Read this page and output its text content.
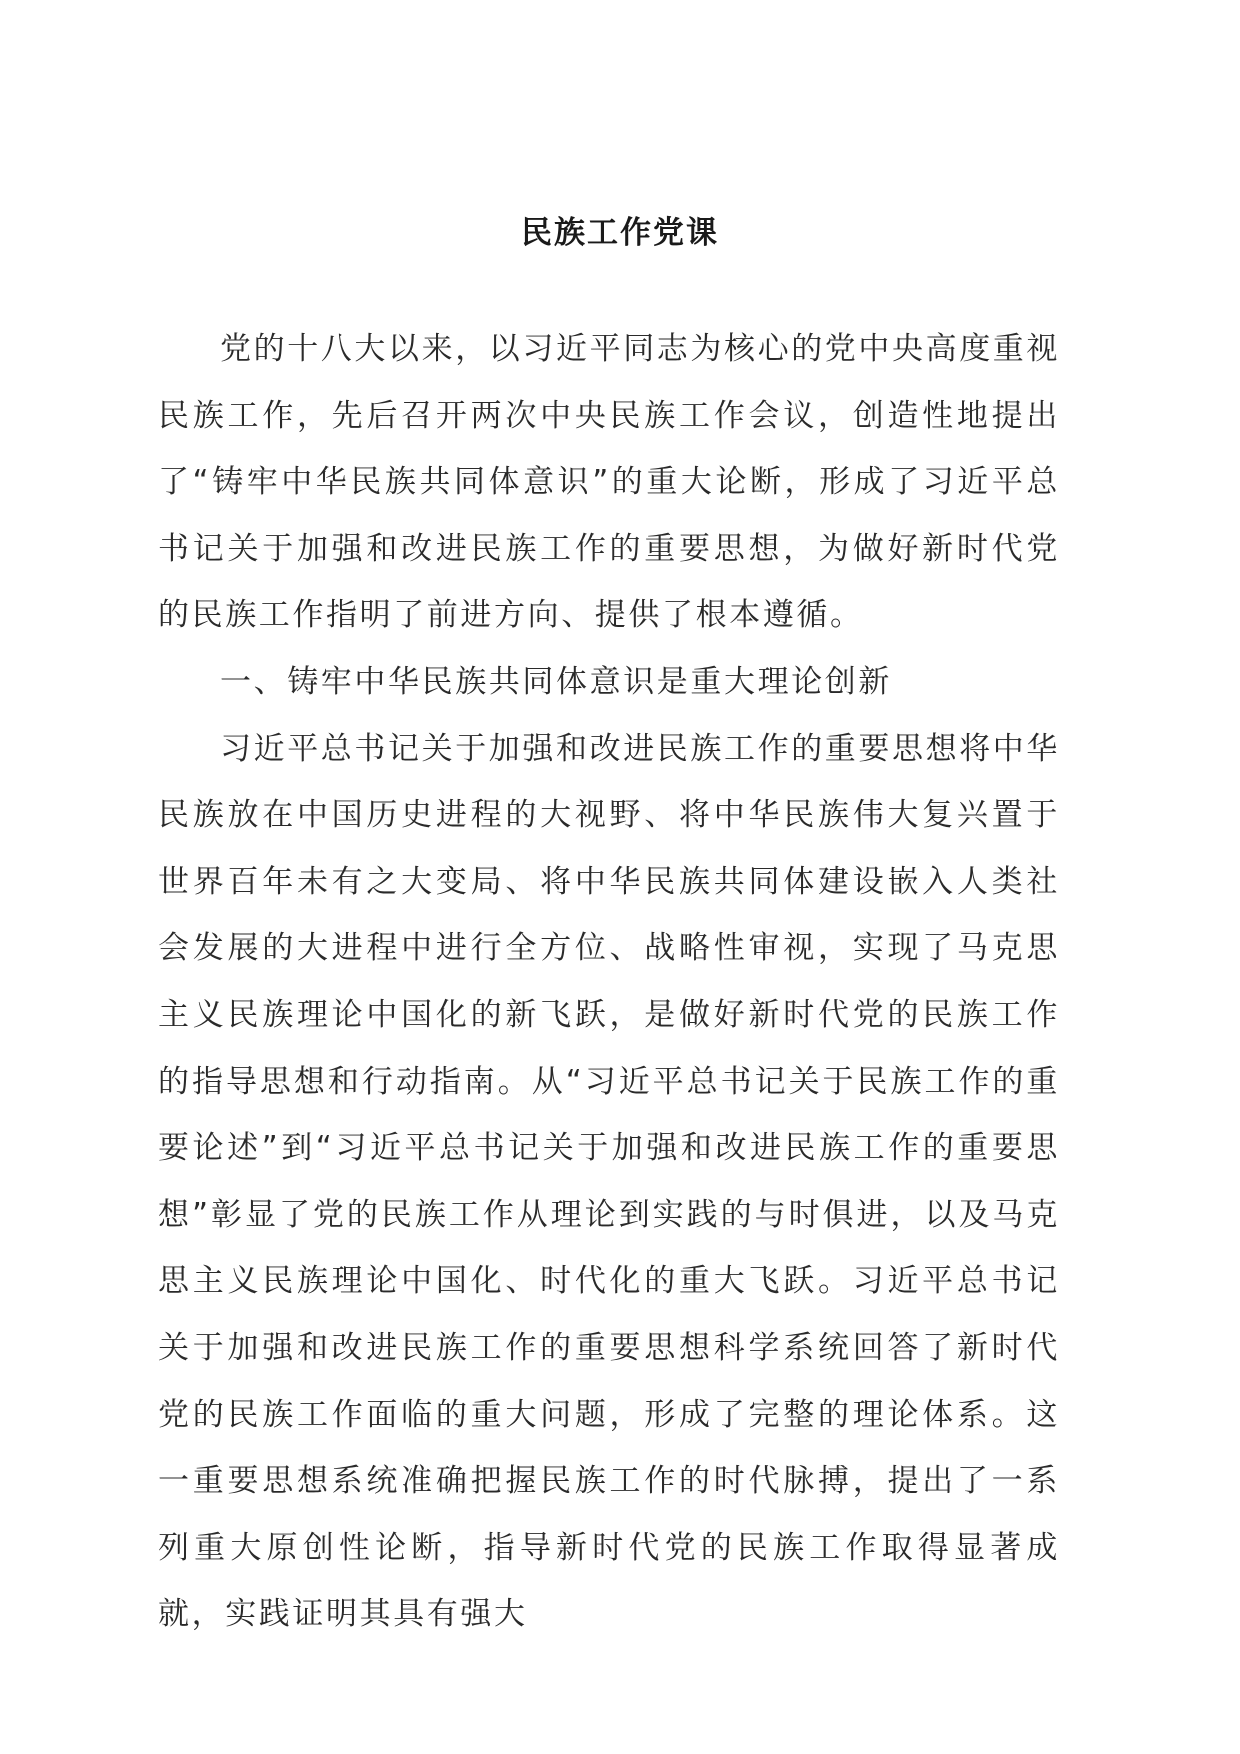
民族工作党课

党的十八大以来，以习近平同志为核心的党中央高度重视民族工作，先后召开两次中央民族工作会议，创造性地提出了“铸牢中华民族共同体意识”的重大论断，形成了习近平总书记关于加强和改进民族工作的重要思想，为做好新时代党的民族工作指明了前进方向、提供了根本遵循。

一、铸牢中华民族共同体意识是重大理论创新

习近平总书记关于加强和改进民族工作的重要思想将中华民族放在中国历史进程的大视野、将中华民族伟大复兴置于世界百年未有之大变局、将中华民族共同体建设嵌入人类社会发展的大进程中进行全方位、战略性审视，实现了马克思主义民族理论中国化的新飞跃，是做好新时代党的民族工作的指导思想和行动指南。从“习近平总书记关于民族工作的重要论述”到“习近平总书记关于加强和改进民族工作的重要思想”彰显了党的民族工作从理论到实践的与时俱进，以及马克思主义民族理论中国化、时代化的重大飞跃。习近平总书记关于加强和改进民族工作的重要思想科学系统回答了新时代党的民族工作面临的重大问题，形成了完整的理论体系。这一重要思想系统准确把握民族工作的时代脉搏，提出了一系列重大原创性论断，指导新时代党的民族工作取得显著成就，实践证明其具有强大
